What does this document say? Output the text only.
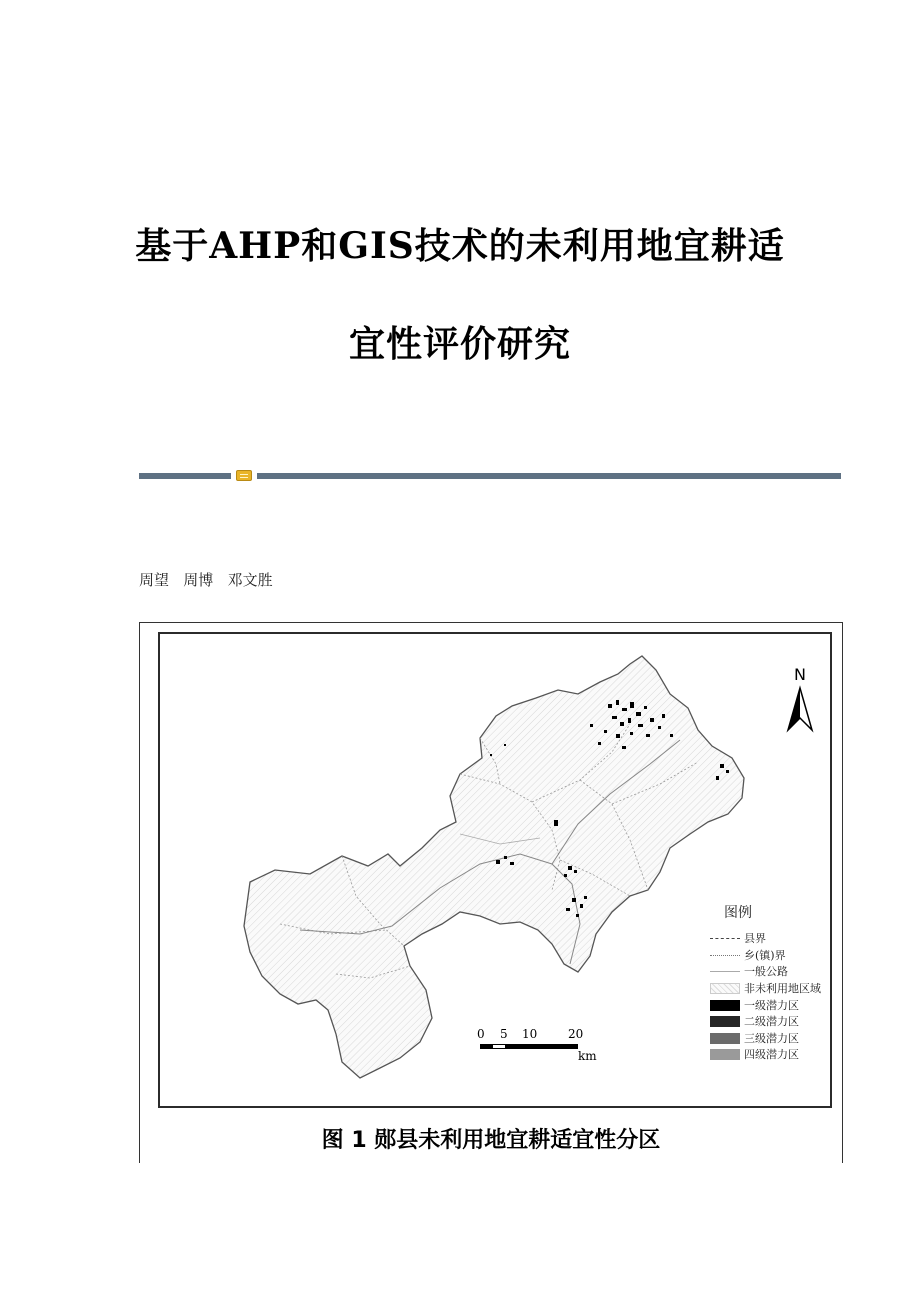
基于AHP和GIS技术的未利用地宜耕适
宜性评价研究
周望   周博   邓文胜
N
0 5 10	20
km
图例
县界
乡(镇)界
一般公路
非未利用地区域
一级潜力区
二级潜力区
三级潜力区
四级潜力区
图 1 郧县未利用地宜耕适宜性分区
